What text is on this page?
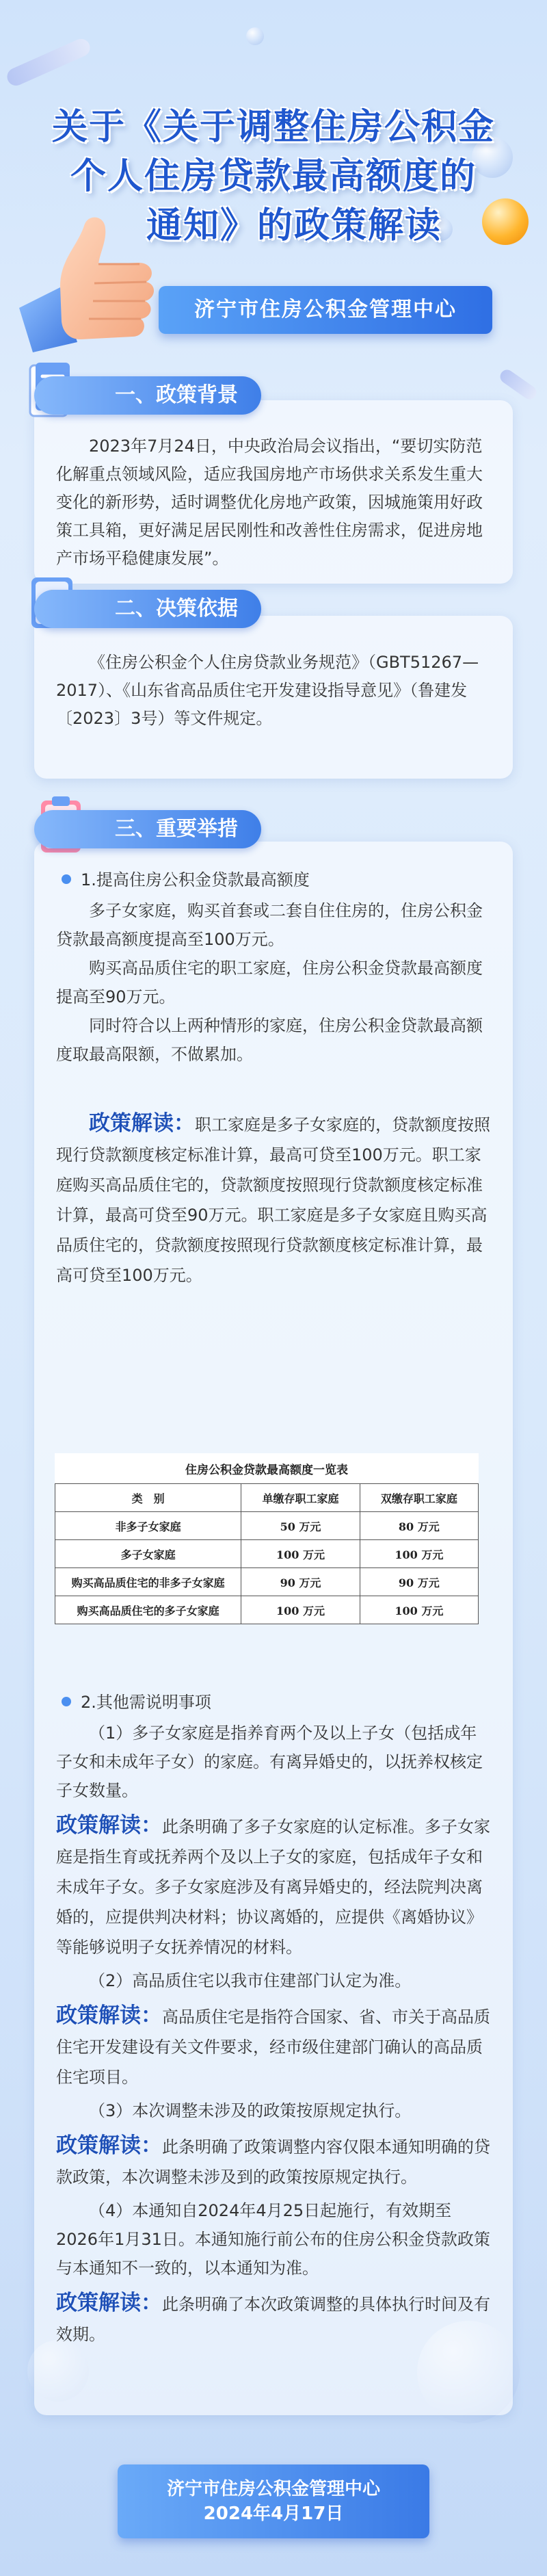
关于《关于调整住房公积金
个人住房贷款最高额度的
通知》的政策解读
济宁市住房公积金管理中心
一、政策背景

2023年7月24日，中央政治局会议指出，“要切实防范化解重点领域风险，适应我国房地产市场供求关系发生重大变化的新形势，适时调整优化房地产政策，因城施策用好政策工具箱，更好满足居民刚性和改善性住房需求，促进房地产市场平稳健康发展”。

二、决策依据

《住房公积金个人住房贷款业务规范》（GBT51267—2017）、《山东省高品质住宅开发建设指导意见》（鲁建发〔2023〕3号）等文件规定。

三、重要举措
1.提高住房公积金贷款最高额度

多子女家庭，购买首套或二套自住住房的，住房公积金贷款最高额度提高至100万元。

购买高品质住宅的职工家庭，住房公积金贷款最高额度提高至90万元。

同时符合以上两种情形的家庭，住房公积金贷款最高额度取最高限额，不做累加。

政策解读：职工家庭是多子女家庭的，贷款额度按照现行贷款额度核定标准计算，最高可贷至100万元。职工家庭购买高品质住宅的，贷款额度按照现行贷款额度核定标准计算，最高可贷至90万元。职工家庭是多子女家庭且购买高品质住宅的，贷款额度按照现行贷款额度核定标准计算，最高可贷至100万元。

住房公积金贷款最高额度一览表		
类　别	单缴存职工家庭	双缴存职工家庭
非多子女家庭	50 万元	80 万元
多子女家庭	100 万元	100 万元
购买高品质住宅的非多子女家庭	90 万元	90 万元
购买高品质住宅的多子女家庭	100 万元	100 万元
2.其他需说明事项

（1）多子女家庭是指养育两个及以上子女（包括成年子女和未成年子女）的家庭。有离异婚史的，以抚养权核定子女数量。

政策解读：此条明确了多子女家庭的认定标准。多子女家庭是指生育或抚养两个及以上子女的家庭，包括成年子女和未成年子女。多子女家庭涉及有离异婚史的，经法院判决离婚的，应提供判决材料；协议离婚的，应提供《离婚协议》等能够说明子女抚养情况的材料。

（2）高品质住宅以我市住建部门认定为准。

政策解读：高品质住宅是指符合国家、省、市关于高品质住宅开发建设有关文件要求，经市级住建部门确认的高品质住宅项目。

（3）本次调整未涉及的政策按原规定执行。

政策解读：此条明确了政策调整内容仅限本通知明确的贷款政策，本次调整未涉及到的政策按原规定执行。

（4）本通知自2024年4月25日起施行，有效期至2026年1月31日。本通知施行前公布的住房公积金贷款政策与本通知不一致的，以本通知为准。

政策解读：此条明确了本次政策调整的具体执行时间及有效期。

济宁市住房公积金管理中心
2024年4月17日
